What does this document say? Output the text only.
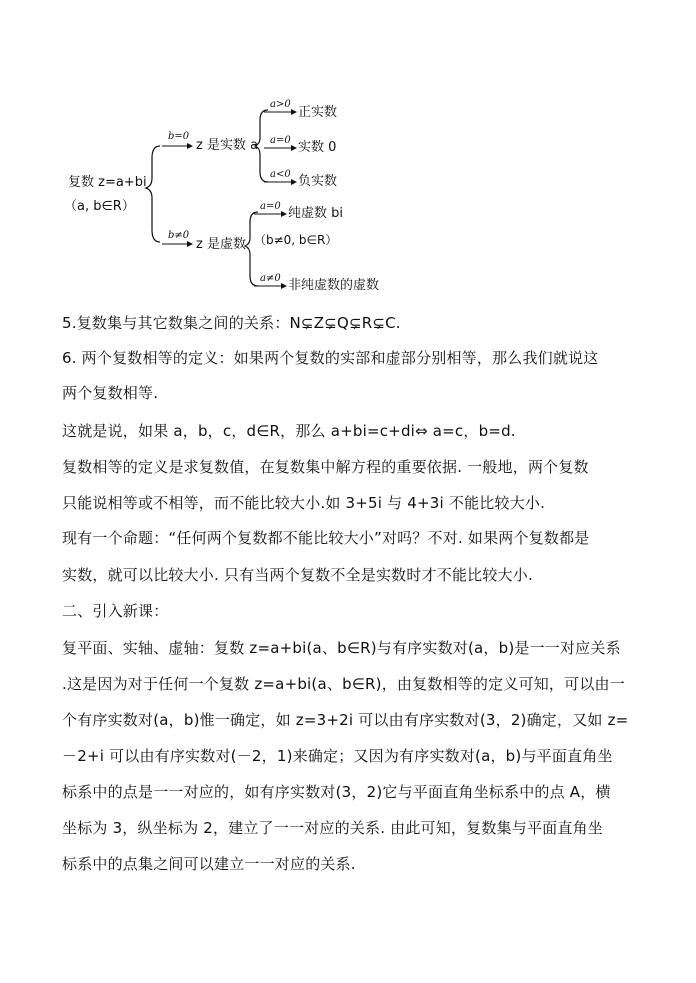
复数 z=a+bi
（a, b∈R）
b=0
z 是实数 a
a>0
正实数
a=0 实数 0
a<0 负实数
b≠0
z 是虚数
a=0 纯虚数 bi
（b≠0, b∈R）
a≠0 非纯虚数的虚数
5.复数集与其它数集之间的关系：N⊊Z⊊Q⊊R⊊C.
6. 两个复数相等的定义：如果两个复数的实部和虚部分别相等，那么我们就说这
两个复数相等.
这就是说，如果 a，b，c，d∈R，那么 a+bi=c+di⇔ a=c，b=d.
复数相等的定义是求复数值，在复数集中解方程的重要依据. 一般地，两个复数
只能说相等或不相等，而不能比较大小.如 3+5i 与 4+3i 不能比较大小.
现有一个命题：“任何两个复数都不能比较大小”对吗？不对. 如果两个复数都是
实数，就可以比较大小. 只有当两个复数不全是实数时才不能比较大小.
二、引入新课：
复平面、实轴、虚轴：复数 z=a+bi(a、b∈R)与有序实数对(a，b)是一一对应关系
.这是因为对于任何一个复数 z=a+bi(a、b∈R)，由复数相等的定义可知，可以由一
个有序实数对(a，b)惟一确定，如 z=3+2i 可以由有序实数对(3，2)确定，又如 z=
－2+i 可以由有序实数对(－2，1)来确定；又因为有序实数对(a，b)与平面直角坐
标系中的点是一一对应的，如有序实数对(3，2)它与平面直角坐标系中的点 A，横
坐标为 3，纵坐标为 2，建立了一一对应的关系. 由此可知，复数集与平面直角坐
标系中的点集之间可以建立一一对应的关系.
